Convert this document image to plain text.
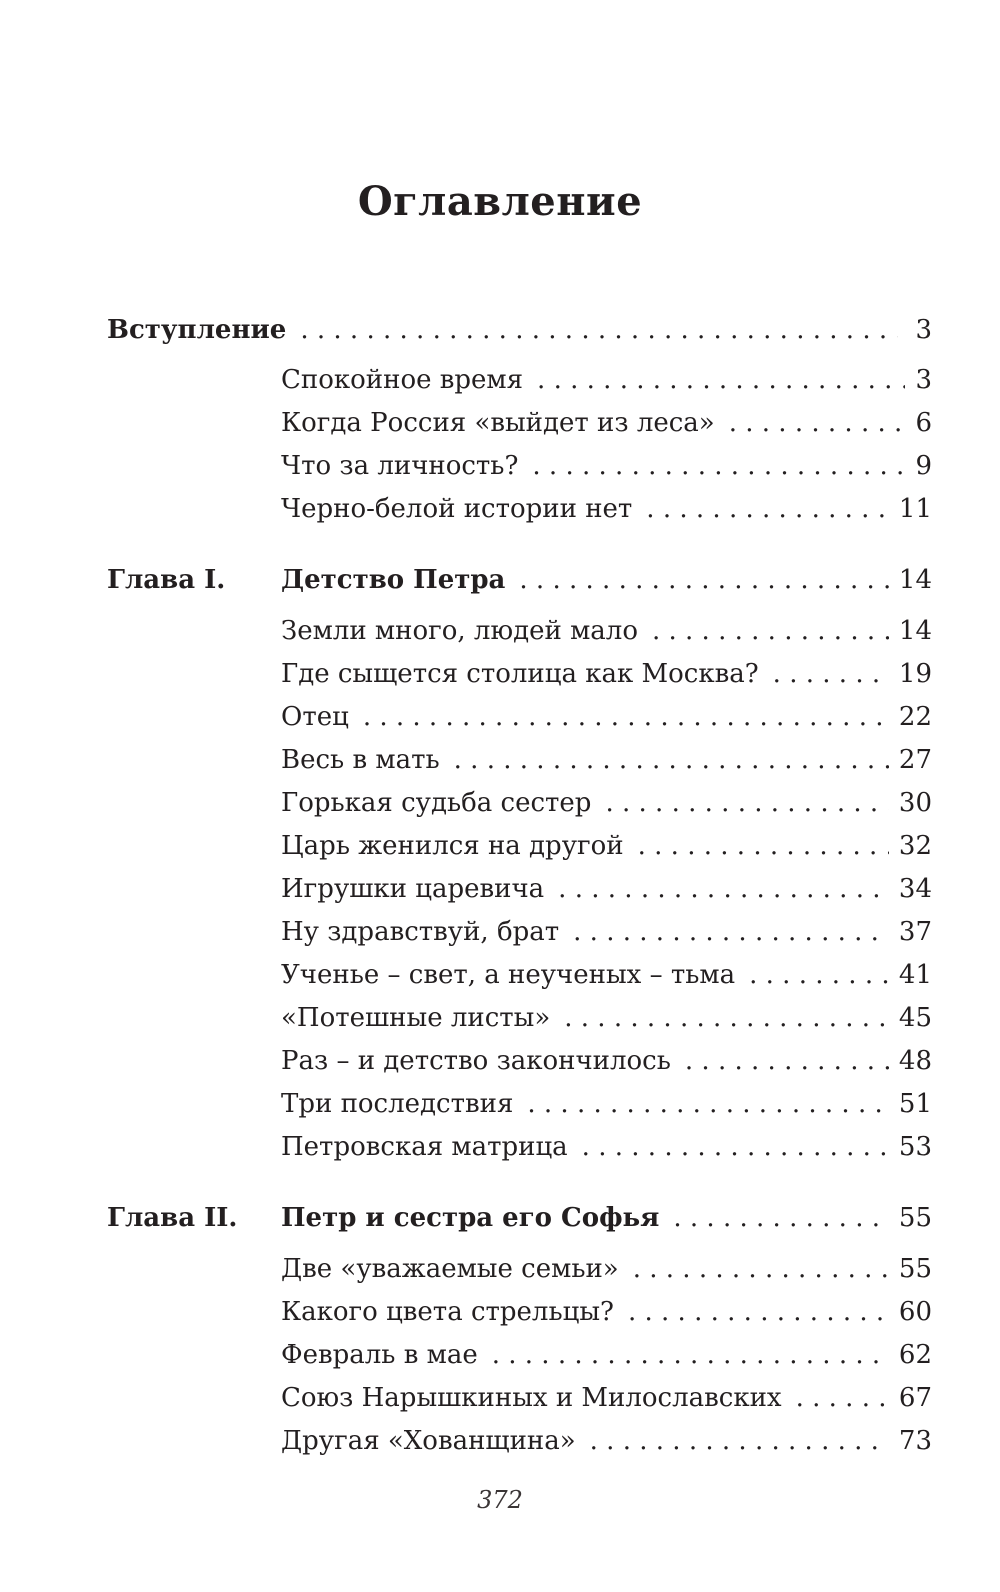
Оглавление
Вступление . . .	3
Спокойное время . . .	3
Когда Россия «выйдет из леса» . . .	6
Что за личность? . . .	9
Черно-белой истории нет . . .	11
Глава I. Детство Петра . . .	14
Земли много, людей мало . . .	14
Где сыщется столица как Москва? . . .	19
Отец . . .	22
Весь в мать . . .	27
Горькая судьба сестер . . .	30
Царь женился на другой . . .	32
Игрушки царевича . . .	34
Ну здравствуй, брат . . .	37
Ученье – свет, а неученых – тьма . . .	41
«Потешные листы» . . .	45
Раз – и детство закончилось . . .	48
Три последствия . . .	51
Петровская матрица . . .	53
Глава II. Петр и сестра его Софья . . .	55
Две «уважаемые семьи» . . .	55
Какого цвета стрельцы? . . .	60
Февраль в мае . . .	62
Союз Нарышкиных и Милославских . . .	67
Другая «Хованщина» . . .	73
372
